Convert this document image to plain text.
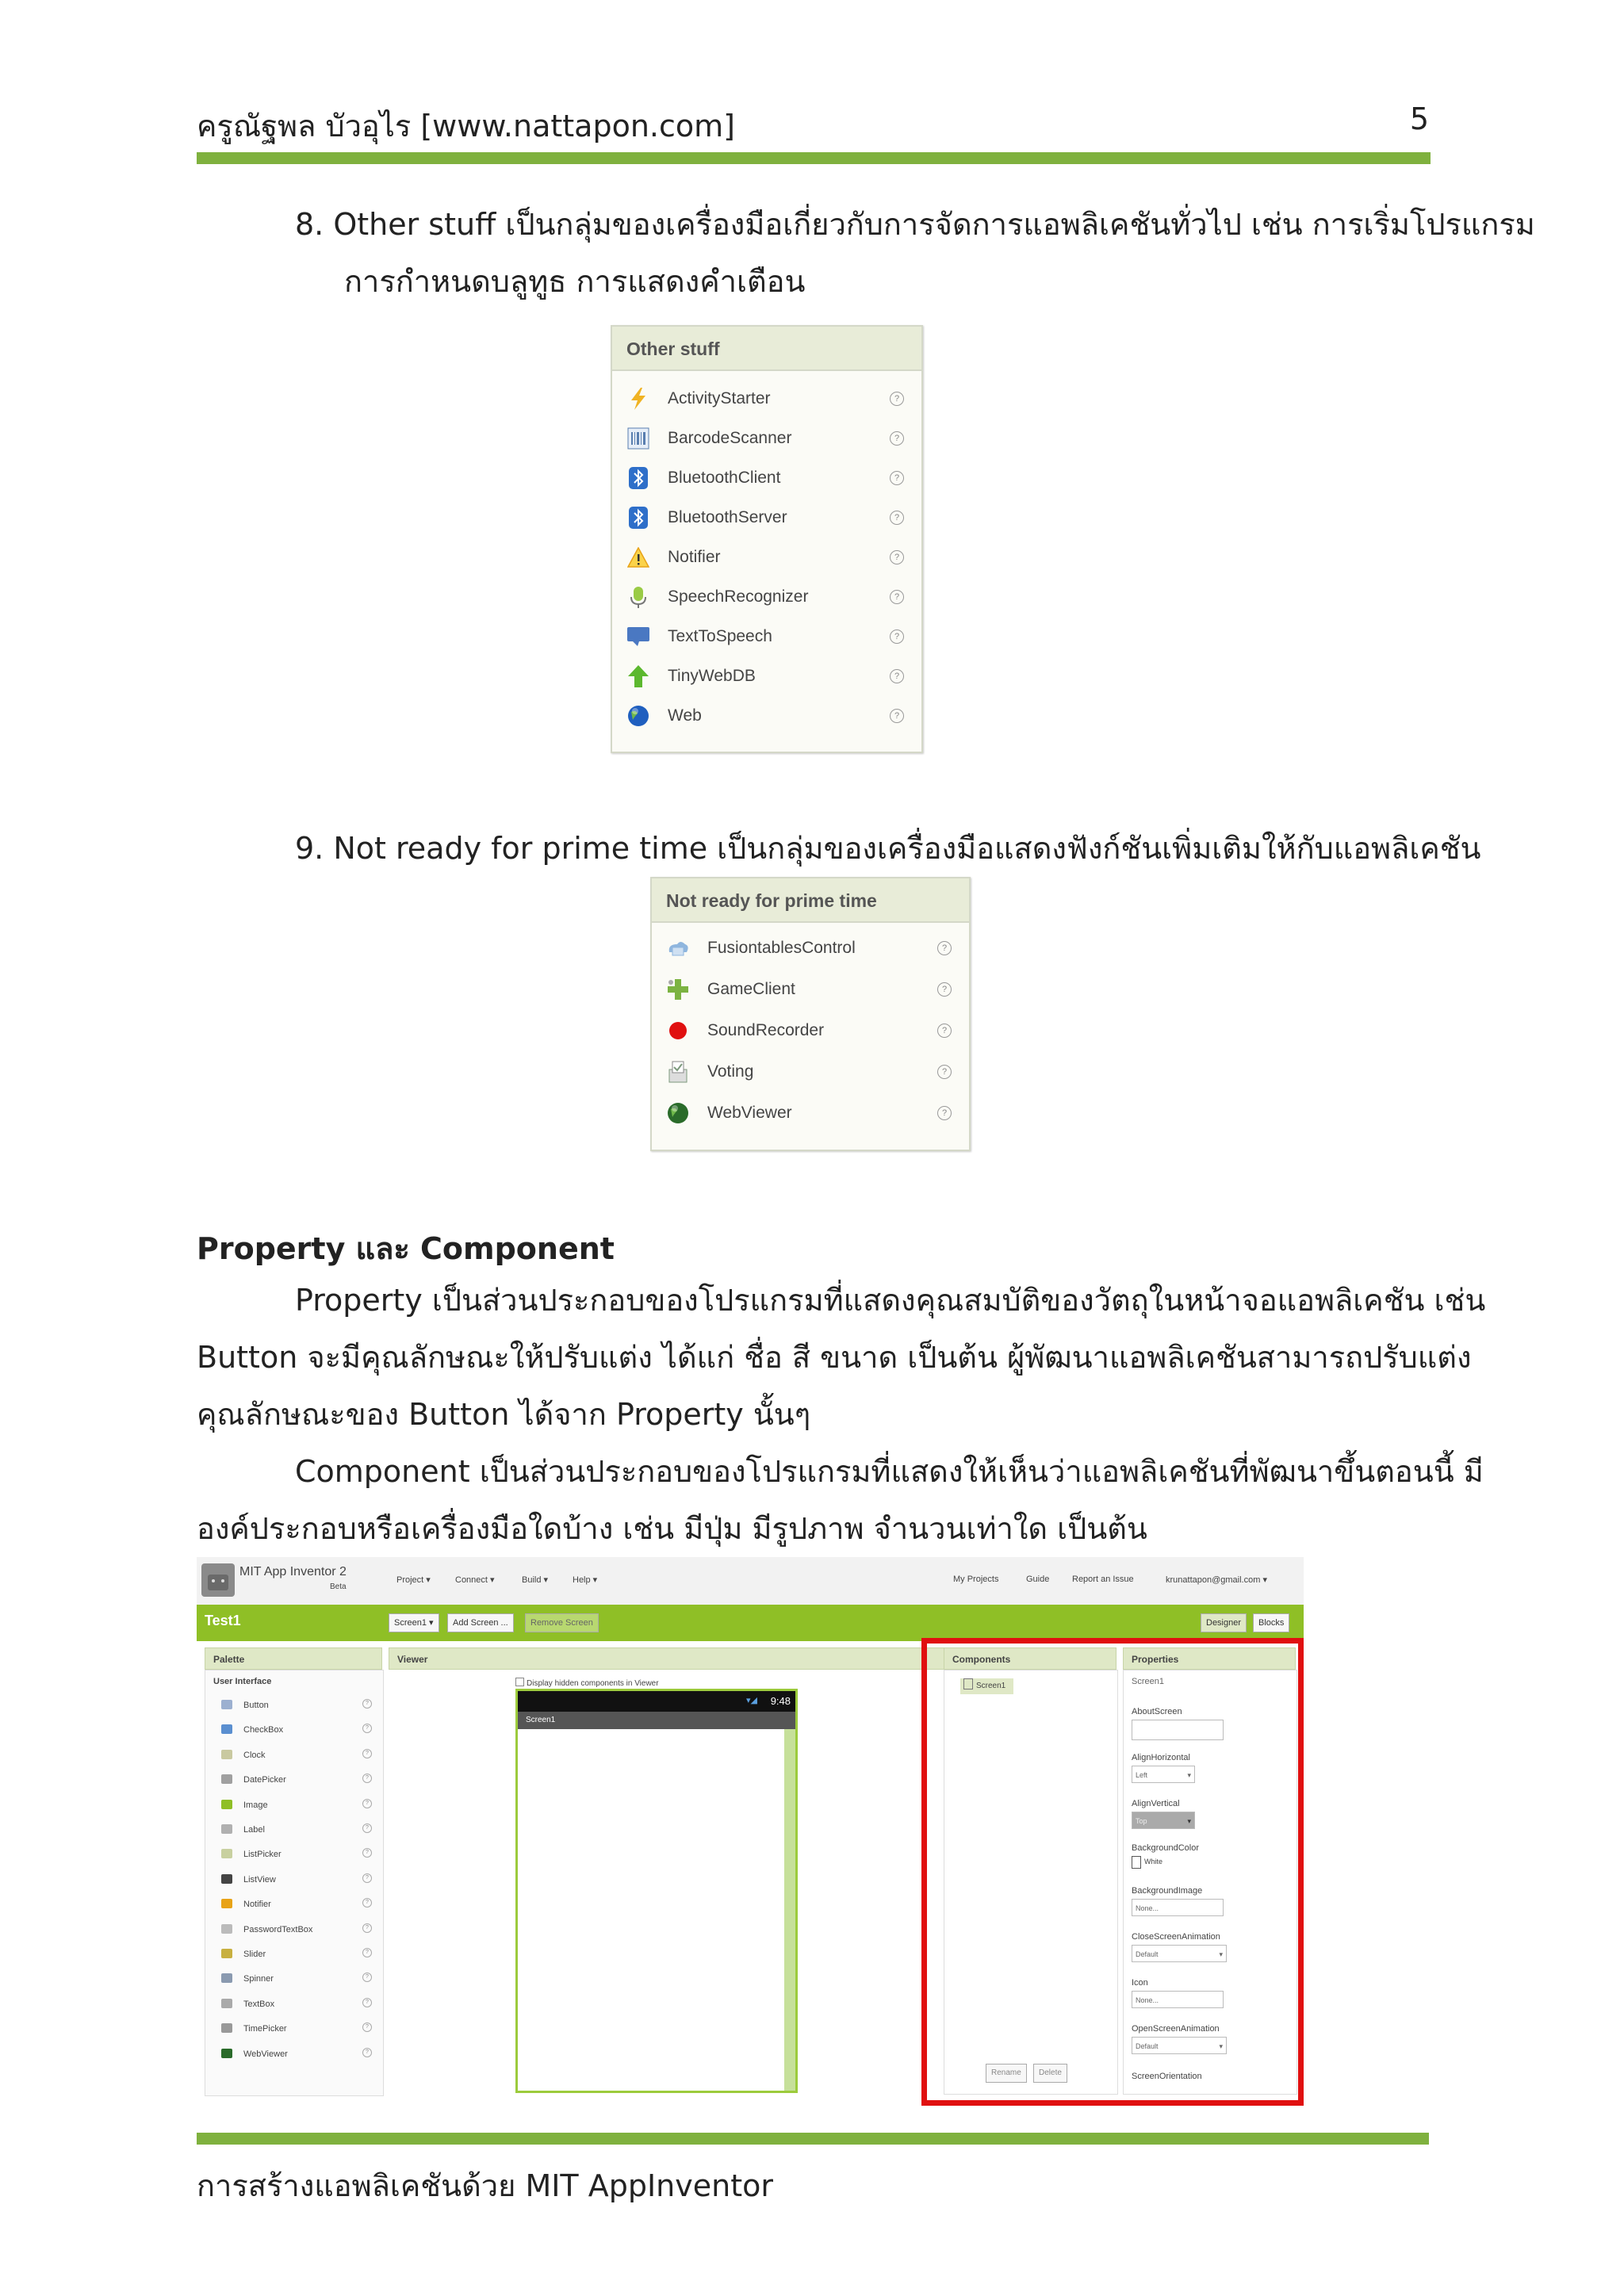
ครูณัฐพล บัวอุไร [www.nattapon.com]	5
8. Other stuff เป็นกลุ่มของเครื่องมือเกี่ยวกับการจัดการแอพลิเคชันทั่วไป เช่น การเริ่มโปรแกรม
การกำหนดบลูทูธ การแสดงคำเตือน
Other stuff
ActivityStarter	?
BarcodeScanner	?
BluetoothClient	?
BluetoothServer	?
Notifier	?
SpeechRecognizer	?
TextToSpeech	?
TinyWebDB	?
Web	?
9. Not ready for prime time เป็นกลุ่มของเครื่องมือแสดงฟังก์ชันเพิ่มเติมให้กับแอพลิเคชัน
Not ready for prime time
FusiontablesControl	?
GameClient	?
SoundRecorder	?
Voting	?
WebViewer	?
Property และ Component
Property เป็นส่วนประกอบของโปรแกรมที่แสดงคุณสมบัติของวัตถุในหน้าจอแอพลิเคชัน เช่น
Button จะมีคุณลักษณะให้ปรับแต่ง ได้แก่ ชื่อ สี ขนาด เป็นต้น ผู้พัฒนาแอพลิเคชันสามารถปรับแต่ง
คุณลักษณะของ Button ได้จาก Property นั้นๆ
Component เป็นส่วนประกอบของโปรแกรมที่แสดงให้เห็นว่าแอพลิเคชันที่พัฒนาขึ้นตอนนี้ มี
องค์ประกอบหรือเครื่องมือใดบ้าง เช่น มีปุ่ม มีรูปภาพ จำนวนเท่าใด เป็นต้น
MIT App Inventor 2
Beta
Project ▾	Connect ▾	Build ▾	Help ▾	My Projects	Guide	Report an Issue	krunattapon@gmail.com ▾
Test1	Screen1 ▾	Add Screen ...	Remove Screen	Designer	Blocks
Palette
User Interface
Button	?
CheckBox	?
Clock	?
DatePicker	?
Image	?
Label	?
ListPicker	?
ListView	?
Notifier	?
PasswordTextBox	?
Slider	?
Spinner	?
TextBox	?
TimePicker	?
WebViewer	?
Viewer
Display hidden components in Viewer
9:48
▾◢
Screen1
Components
Screen1
Rename	Delete
Properties
Screen1
AboutScreen
AlignHorizontal
Left	▾
AlignVertical
Top	▾
BackgroundColor
White
BackgroundImage
None...
CloseScreenAnimation
Default	▾
Icon
None...
OpenScreenAnimation
Default	▾
ScreenOrientation
การสร้างแอพลิเคชันด้วย MIT AppInventor
